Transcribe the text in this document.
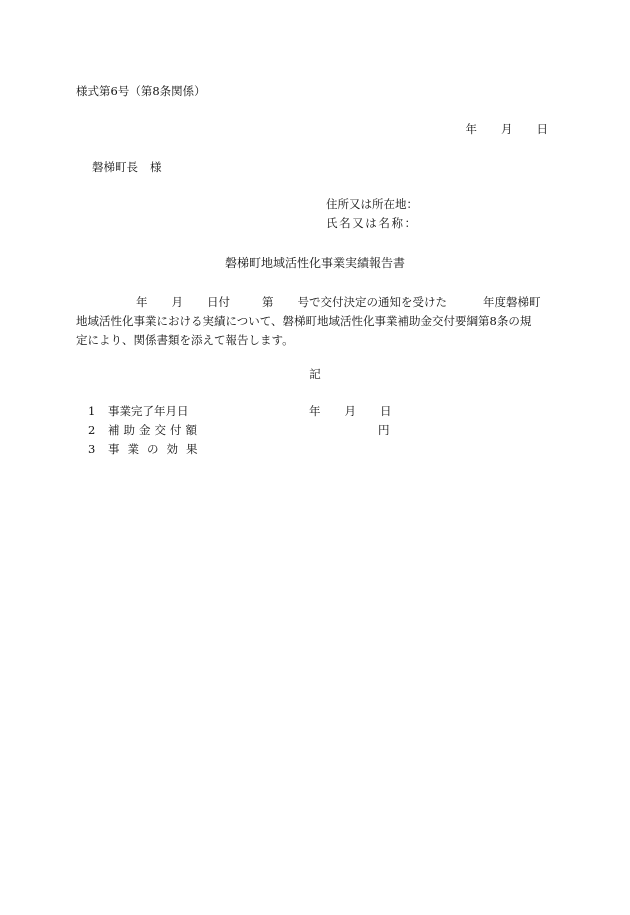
様式第6号（第8条関係）
年 月 日
磐梯町長 様
住所又は所在地：
氏名又は名称：
磐梯町地域活性化事業実績報告書
年 月 日付	第 号で交付決定の通知を受けた	年度磐梯町
地域活性化事業における実績について、磐梯町地域活性化事業補助金交付要綱第8条の規
定により、関係書類を添えて報告します。
記
1 事業完了年月日	年 月 日
2 補助金交付額	円
3 事業の効果
